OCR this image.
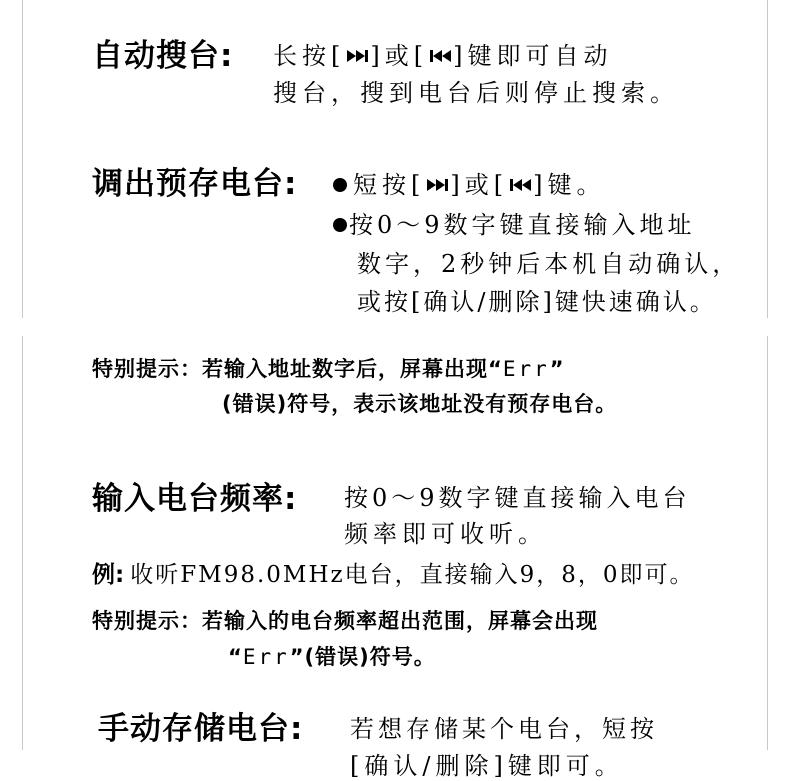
自动搜台: 长按[ ]或[ ]键即可自动
搜台，搜到电台后则停止搜索。
调出预存电台:	短按[ ]或[ ]键。
按0～9数字键直接输入地址
数字，2秒钟后本机自动确认，
或按[确认/删除]键快速确认。
特别提示：若输入地址数字后，屏幕出现“Err”
(错误)符号，表示该地址没有预存电台。
输入电台频率: 按0～9数字键直接输入电台
频率即可收听。
例: 收听FM98.0MHz电台，直接输入9，8，0即可。
特别提示：若输入的电台频率超出范围，屏幕会出现
“Err”(错误)符号。
手动存储电台: 若想存储某个电台，短按
[确认/删除]键即可。
